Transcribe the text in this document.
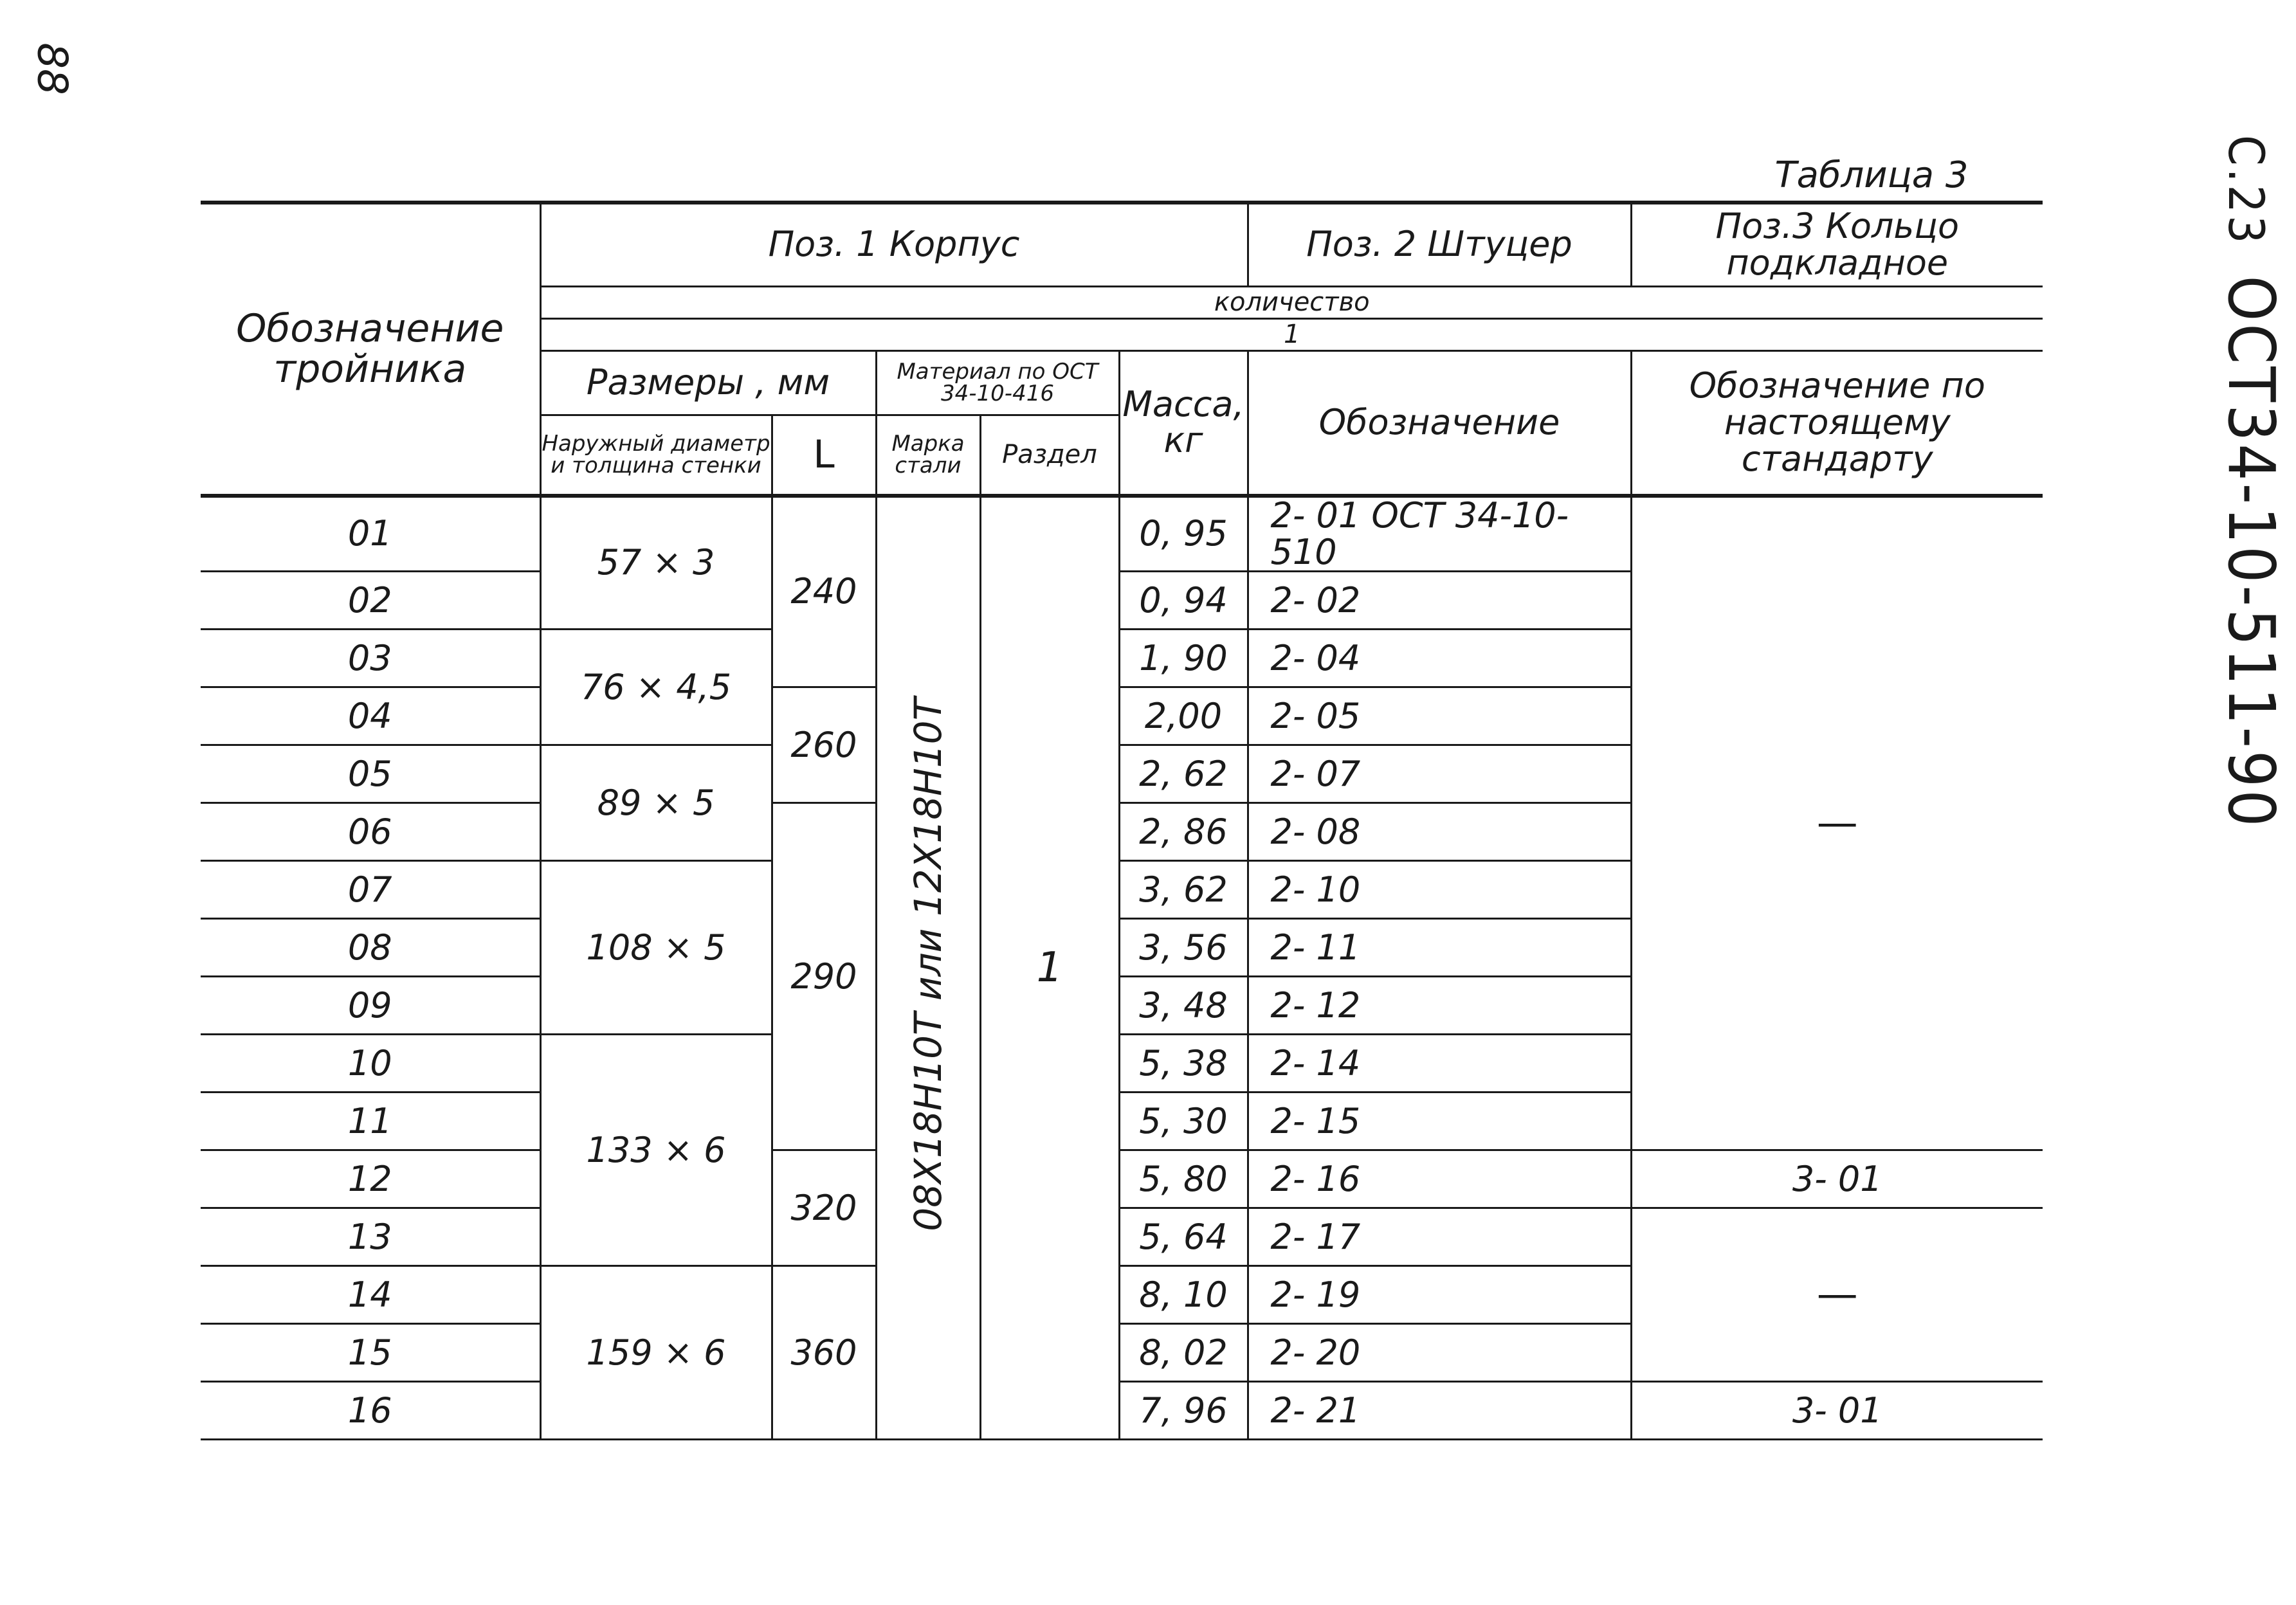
88
Таблица 3	С.23ОСТ34-10-511-90
Обозначение тройника	Поз. 1 Корпус					Поз. 2 Штуцер	Поз.3 Кольцо подкладное
	количество						
	1						
	Размеры , мм		Материал по ОСТ 34-10-416		Масса, кг	Обозначение	Обозначение по настоящему стандарту
	Наружный диаметр и толщина стенки	L	Марка стали	Раздел			
01	57 × 3	240	08Х18Н10Т или 12Х18Н10Т	1	0, 95	2- 01 ОСТ 34-10-510	—
02					0, 94	2- 02	
03	76 × 4,5				1, 90	2- 04	
04		260			2,00	2- 05	
05	89 × 5				2, 62	2- 07	
06		290			2, 86	2- 08	
07	108 × 5				3, 62	2- 10	
08					3, 56	2- 11	
09					3, 48	2- 12	
10	133 × 6				5, 38	2- 14	
11					5, 30	2- 15	
12		320			5, 80	2- 16	3- 01
13					5, 64	2- 17	—
14	159 × 6	360			8, 10	2- 19	
15					8, 02	2- 20	
16					7, 96	2- 21	3- 01
